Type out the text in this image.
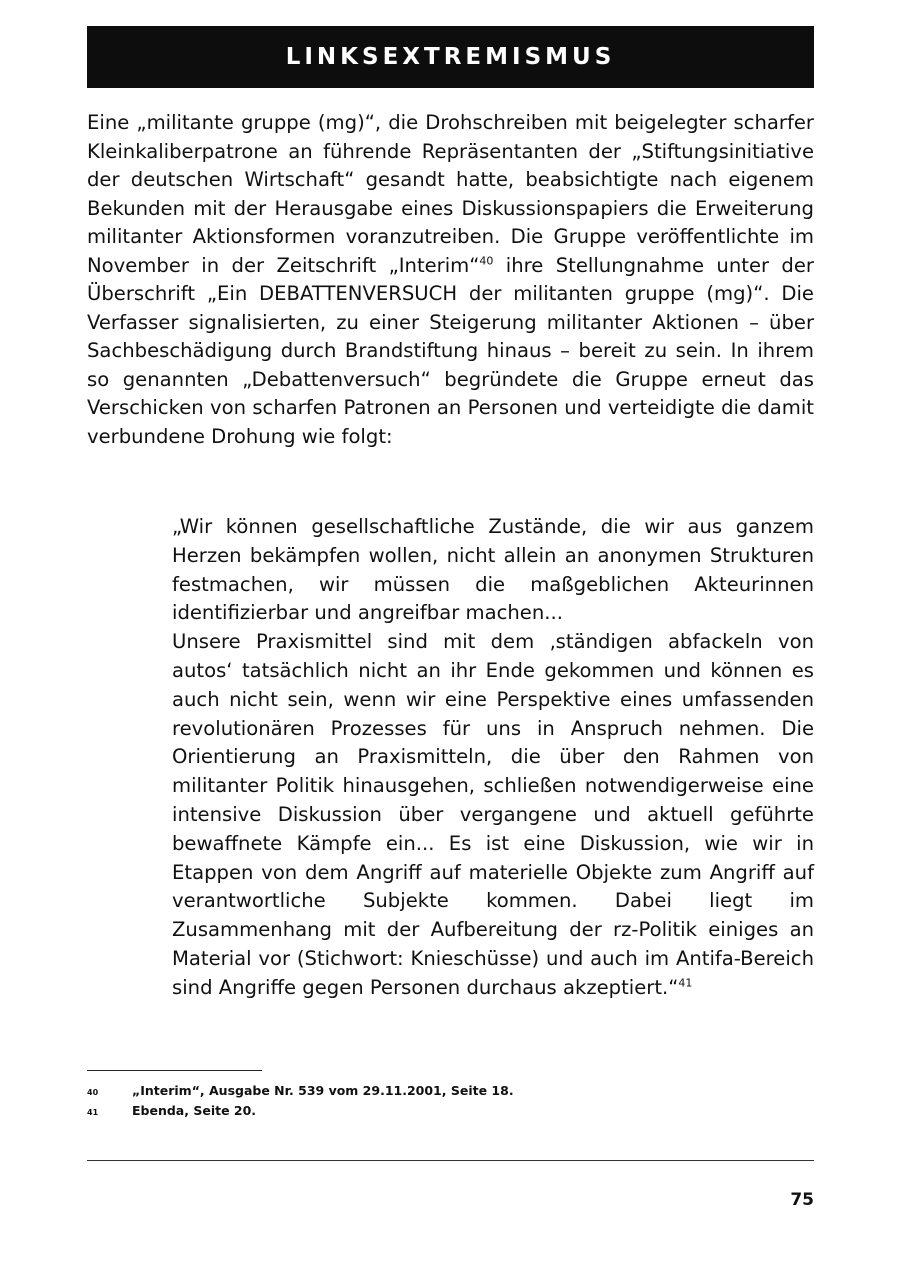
LINKSEXTREMISMUS

Eine „militante gruppe (mg)“, die Drohschreiben mit beigelegter scharfer Kleinkaliberpatrone an führende Repräsentanten der „Stiftungsinitiative der deutschen Wirtschaft“ gesandt hatte, beabsichtigte nach eigenem Bekunden mit der Herausgabe eines Diskussionspapiers die Erweiterung militanter Aktionsformen voranzutreiben. Die Gruppe veröffentlichte im November in der Zeitschrift „Interim“$^{40}$ ihre Stellungnahme unter der Überschrift „Ein DEBATTENVERSUCH der militanten gruppe (mg)“. Die Verfasser signalisierten, zu einer Steigerung militanter Aktionen – über Sachbeschädigung durch Brandstiftung hinaus – bereit zu sein. In ihrem so genannten „Debattenversuch“ begründete die Gruppe erneut das Verschicken von scharfen Patronen an Personen und verteidigte die damit verbundene Drohung wie folgt:

„Wir können gesellschaftliche Zustände, die wir aus ganzem Herzen bekämpfen wollen, nicht allein an anonymen Strukturen festmachen, wir müssen die maßgeblichen Akteurinnen identifizierbar und angreifbar machen...

Unsere Praxismittel sind mit dem ‚ständigen abfackeln von autos‘ tatsächlich nicht an ihr Ende gekommen und können es auch nicht sein, wenn wir eine Perspektive eines umfassenden revolutionären Prozesses für uns in Anspruch nehmen. Die Orientierung an Praxismitteln, die über den Rahmen von militanter Politik hinausgehen, schließen notwendigerweise eine intensive Diskussion über vergangene und aktuell geführte bewaffnete Kämpfe ein... Es ist eine Diskussion, wie wir in Etappen von dem Angriff auf materielle Objekte zum Angriff auf verantwortliche Subjekte kommen. Dabei liegt im Zusammenhang mit der Aufbereitung der rz-Politik einiges an Material vor (Stichwort: Knieschüsse) und auch im Antifa-Bereich sind Angriffe gegen Personen durchaus akzeptiert.“$^{41}$

40	„Interim“, Ausgabe Nr. 539 vom 29.11.2001, Seite 18.
41	Ebenda, Seite 20.
75
